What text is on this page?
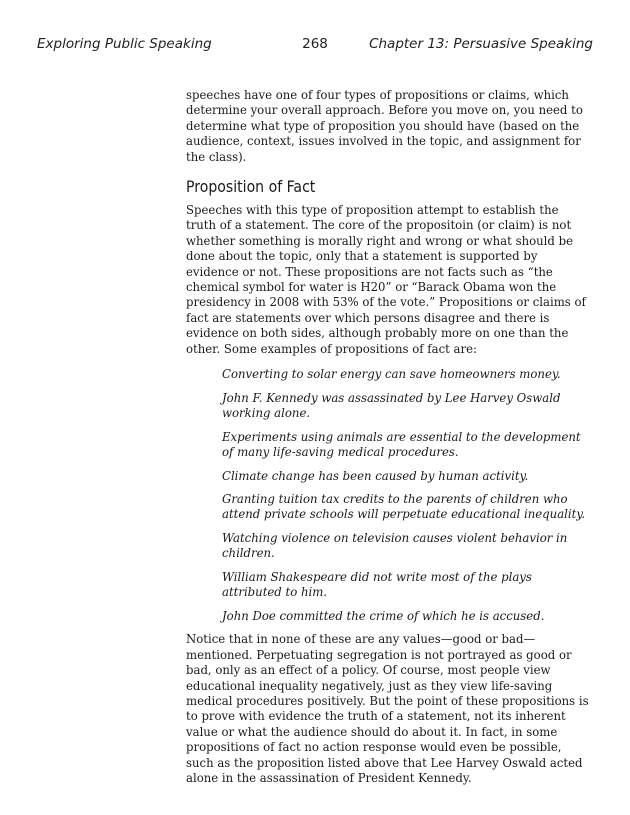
Exploring Public Speaking	268	Chapter 13: Persuasive Speaking

speeches have one of four types of propositions or claims, which determine your overall approach. Before you move on, you need to determine what type of proposition you should have (based on the audience, context, issues involved in the topic, and assignment for the class).

Proposition of Fact

Speeches with this type of proposition attempt to establish the truth of a statement. The core of the propositoin (or claim) is not whether something is morally right and wrong or what should be done about the topic, only that a statement is supported by evidence or not. These propositions are not facts such as “the chemical symbol for water is H20” or “Barack Obama won the presidency in 2008 with 53% of the vote.” Propositions or claims of fact are statements over which persons disagree and there is evidence on both sides, although probably more on one than the other. Some examples of propositions of fact are:

Converting to solar energy can save homeowners money.

John F. Kennedy was assassinated by Lee Harvey Oswald working alone.

Experiments using animals are essential to the development of many life-saving medical procedures.

Climate change has been caused by human activity.

Granting tuition tax credits to the parents of children who attend private schools will perpetuate educational inequality.

Watching violence on television causes violent behavior in children.

William Shakespeare did not write most of the plays attributed to him.

John Doe committed the crime of which he is accused.

Notice that in none of these are any values—good or bad—mentioned. Perpetuating segregation is not portrayed as good or bad, only as an effect of a policy. Of course, most people view educational inequality negatively, just as they view life-saving medical procedures positively. But the point of these propositions is to prove with evidence the truth of a statement, not its inherent value or what the audience should do about it. In fact, in some propositions of fact no action response would even be possible, such as the proposition listed above that Lee Harvey Oswald acted alone in the assassination of President Kennedy.
